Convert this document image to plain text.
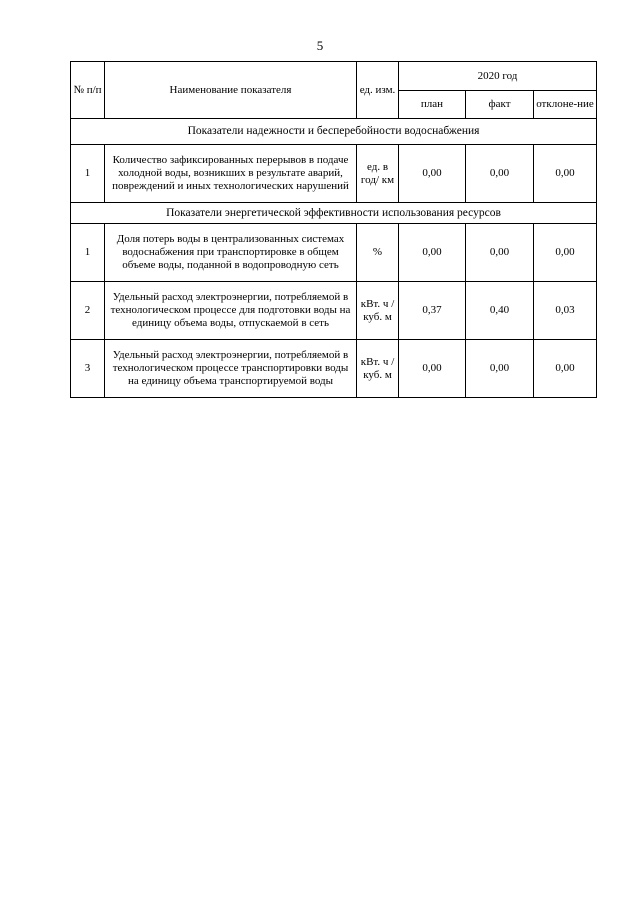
5
№ п/п	Наименование показателя	ед. изм.	2020 год		
			план	факт	отклоне-ние
Показатели надежности и бесперебойности водоснабжения					
1	Количество зафиксированных перерывов в подаче холодной воды, возникших в результате аварий, повреждений и иных технологических нарушений	ед. в год/ км	0,00	0,00	0,00
Показатели энергетической эффективности использования ресурсов					
1	Доля потерь воды в централизованных системах водоснабжения при транспортировке в общем объеме воды, поданной в водопроводную сеть	%	0,00	0,00	0,00
2	Удельный расход электроэнергии, потребляемой в технологическом процессе для подготовки воды на единицу объема воды, отпускаемой в сеть	кВт. ч / куб. м	0,37	0,40	0,03
3	Удельный расход электроэнергии, потребляемой в технологическом процессе транспортировки воды на единицу объема транспортируемой воды	кВт. ч / куб. м	0,00	0,00	0,00
